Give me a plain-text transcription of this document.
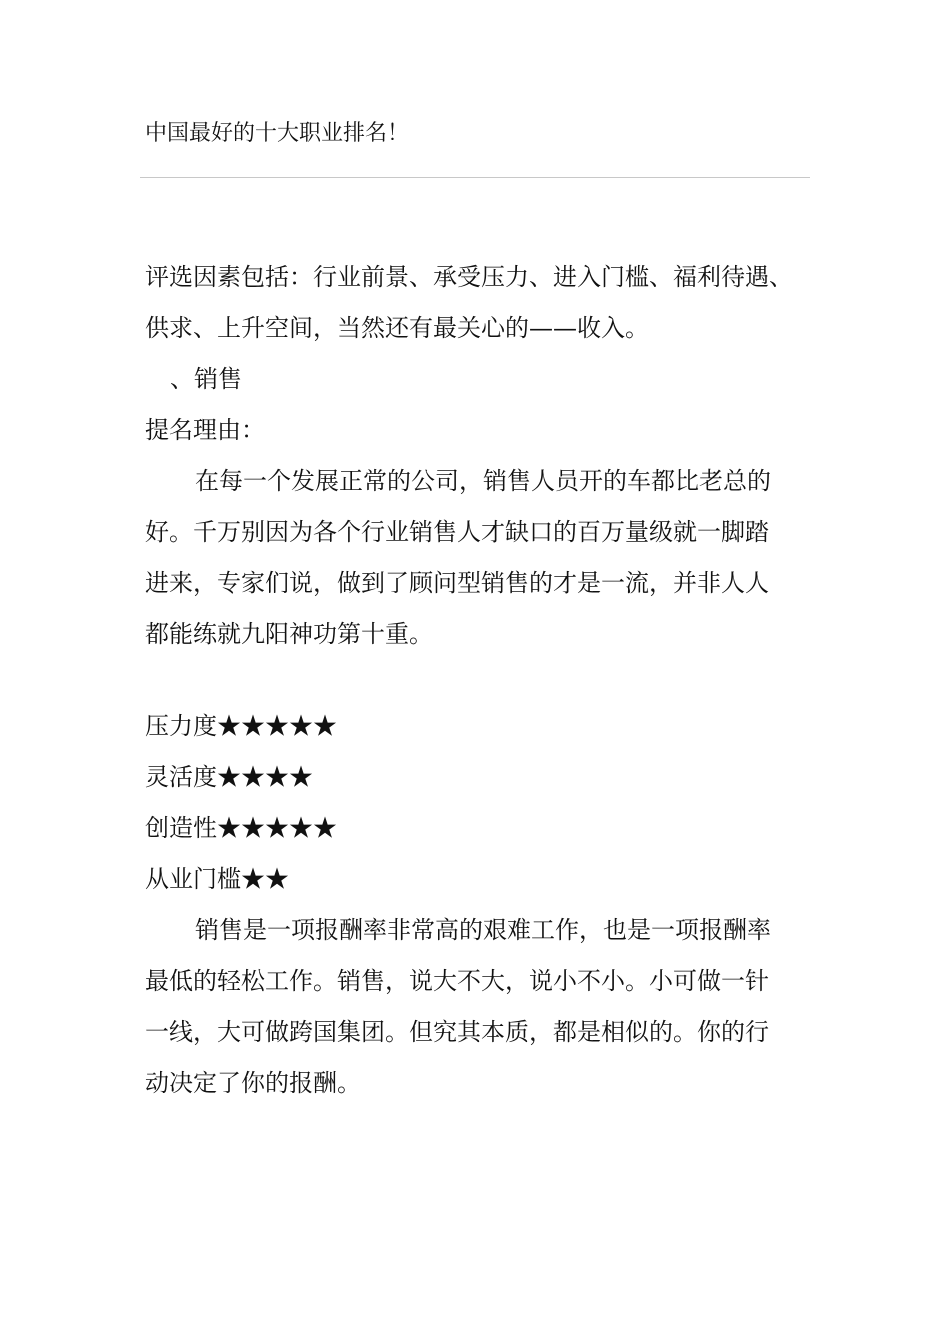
中国最好的十大职业排名！
评选因素包括：行业前景、承受压力、进入门槛、福利待遇、
供求、上升空间，当然还有最关心的——收入。
、销售
提名理由：
在每一个发展正常的公司，销售人员开的车都比老总的
好。千万别因为各个行业销售人才缺口的百万量级就一脚踏
进来，专家们说，做到了顾问型销售的才是一流，并非人人
都能练就九阳神功第十重。
压力度★★★★★
灵活度★★★★
创造性★★★★★
从业门槛★★
销售是一项报酬率非常高的艰难工作，也是一项报酬率
最低的轻松工作。销售，说大不大，说小不小。小可做一针
一线，大可做跨国集团。但究其本质，都是相似的。你的行
动决定了你的报酬。
